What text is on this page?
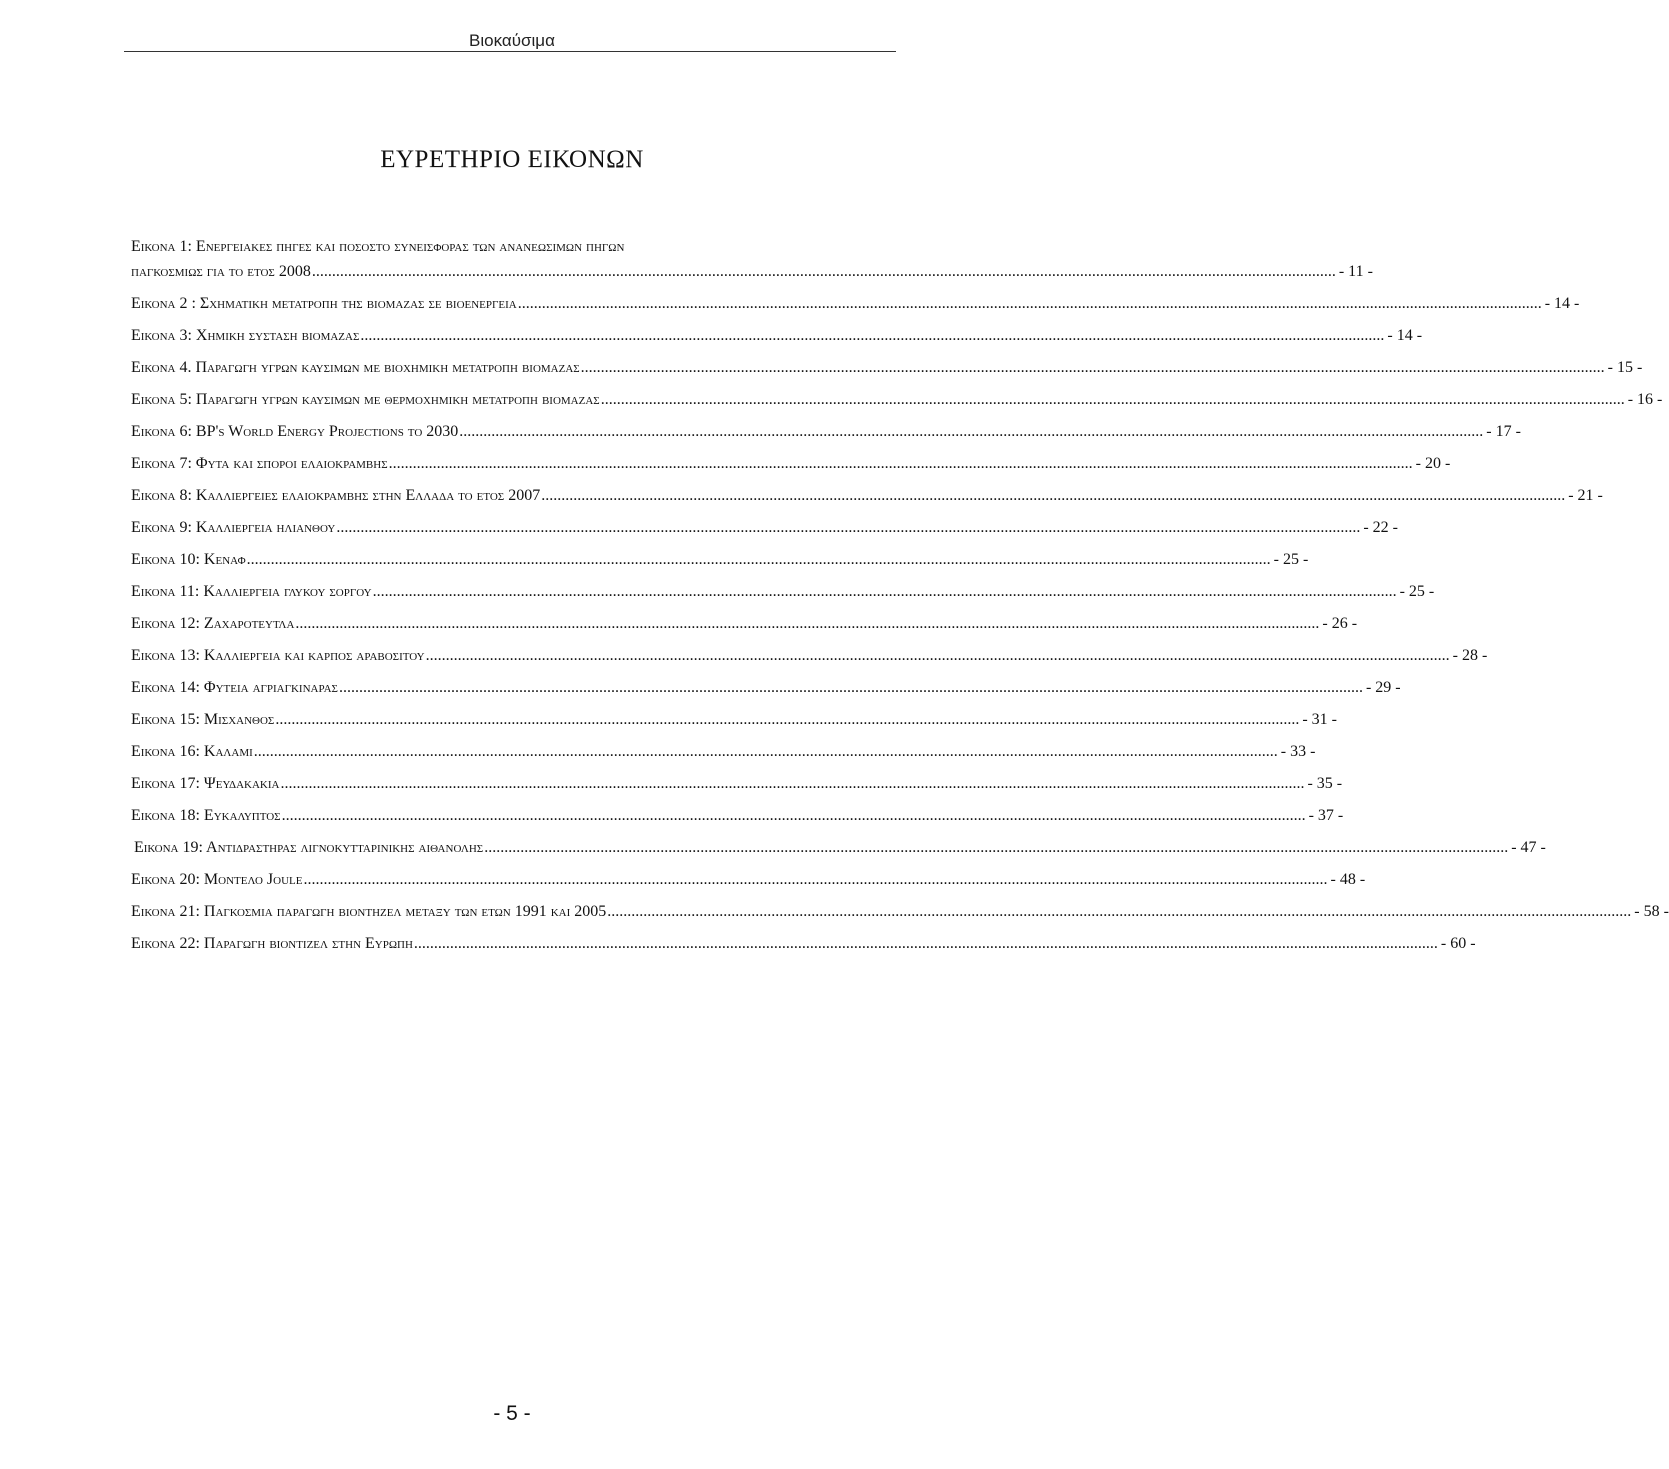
Βιοκαύσιμα
ΕΥΡΕΤΗΡΙΟ ΕΙΚΟΝΩΝ
Εικονα 1: Ενεργειακες πηγες και ποσοστο συνεισφορας των ανανεωσιμων πηγων
παγκοσμιως για το ετος 2008 .....	- 11 -
Εικονα 2 : Σχηματικη μετατροπη της βιομαζας σε βιοενεργεια .....	- 14 -
Εικονα 3: Χημικη συσταση βιομαζας .....	- 14 -
Εικονα 4. Παραγωγη υγρων καυσιμων με βιοχημικη μετατροπη βιομαζας .....	- 15 -
Εικονα 5: Παραγωγη υγρων καυσιμων με θερμοχημικη μετατροπη βιομαζας .....	- 16 -
Εικονα 6: BP's World Energy Projections το 2030 .....	- 17 -
Εικονα 7: Φυτα και σποροι ελαιοκραμβης .....	- 20 -
Εικονα 8: Καλλιεργειες ελαιοκραμβης στην Ελλαδα το ετος 2007 .....	- 21 -
Εικονα 9: Καλλιεργεια ηλιανθου .....	- 22 -
Εικονα 10: Κεναφ .....	- 25 -
Εικονα 11: Καλλιεργεια γλυκου σοργου .....	- 25 -
Εικονα 12: Ζαχαροτευτλα .....	- 26 -
Εικονα 13: Καλλιεργεια και καρπος αραβοσιτου .....	- 28 -
Εικονα 14: Φυτεια αγριαγκιναρας .....	- 29 -
Εικονα 15: Μισχανθος .....	- 31 -
Εικονα 16: Καλαμι .....	- 33 -
Εικονα 17: Ψευδακακια .....	- 35 -
Εικονα 18: Ευκαλυπτος .....	- 37 -
Εικονα 19: Αντιδραστηρας λιγνοκυτταρινικης αιθανολης .....	- 47 -
Εικονα 20: Μοντελο Joule .....	- 48 -
Εικονα 21: Παγκοσμια παραγωγη βιοντηζελ μεταξυ των ετων 1991 και 2005 .....	- 58 -
Εικονα 22: Παραγωγη βιοντιζελ στην Ευρωπη .....	- 60 -
- 5 -
